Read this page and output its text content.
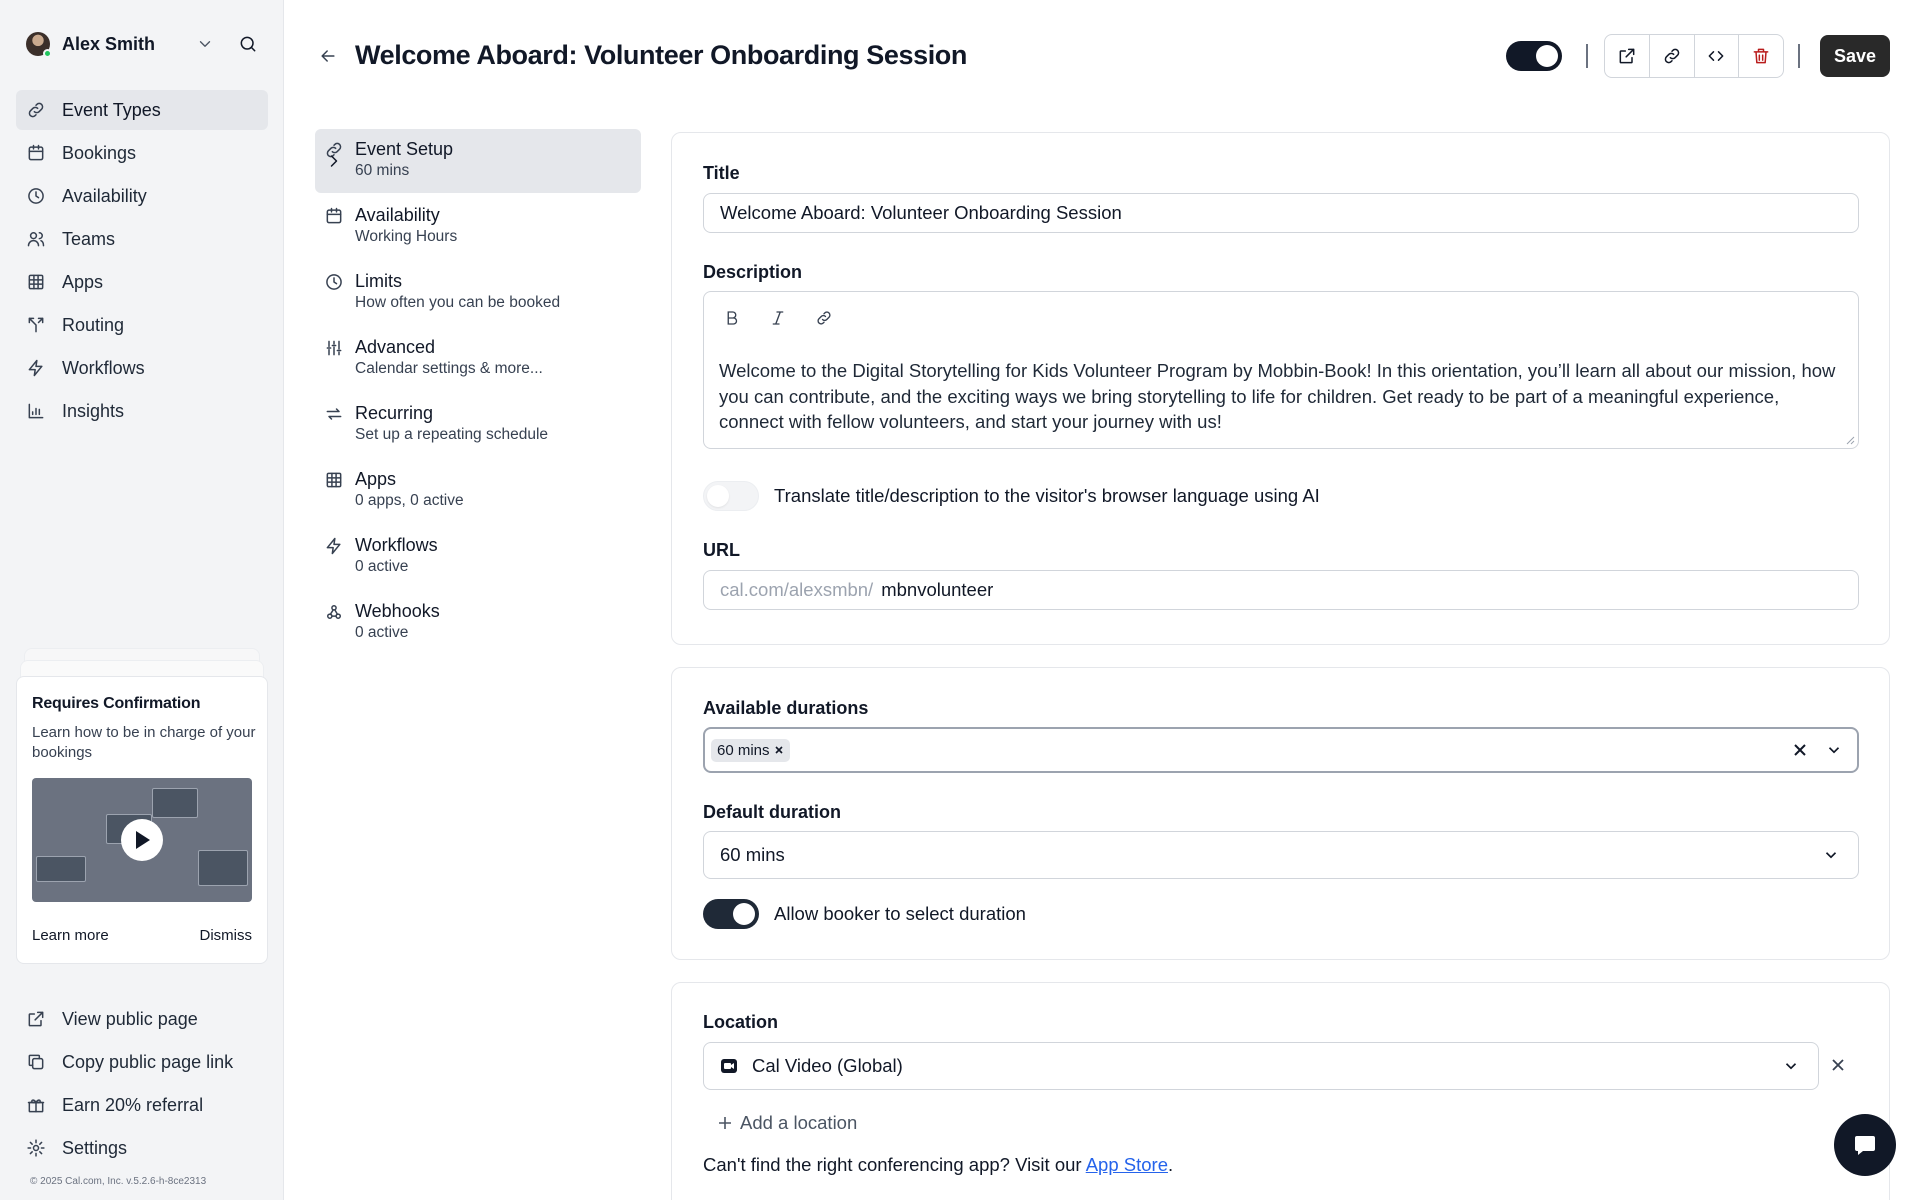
Alex Smith
Event Types
Bookings
Availability
Teams
Apps
Routing
Workflows
Insights
Requires Confirmation
Learn how to be in charge of your bookings
Learn more	Dismiss
View public page
Copy public page link
Earn 20% referral
Settings
© 2025 Cal.com, Inc. v.5.2.6-h-8ce2313
Welcome Aboard: Volunteer Onboarding Session	Save
Event Setup
60 mins
Availability
Working Hours
Limits
How often you can be booked
Advanced
Calendar settings & more...
Recurring
Set up a repeating schedule
Apps
0 apps, 0 active
Workflows
0 active
Webhooks
0 active
Title
Welcome Aboard: Volunteer Onboarding Session
Description
Welcome to the Digital Storytelling for Kids Volunteer Program by Mobbin-Book! In this orientation, you’ll learn all about our mission, how you can contribute, and the exciting ways we bring storytelling to life for children. Get ready to be part of a meaningful experience, connect with fellow volunteers, and start your journey with us!
Translate title/description to the visitor's browser language using AI
URL
cal.com/alexsmbn/ mbnvolunteer
Available durations
60 mins
Default duration
60 mins
Allow booker to select duration
Location
Cal Video (Global)
Add a location
Can't find the right conferencing app? Visit our App Store.
